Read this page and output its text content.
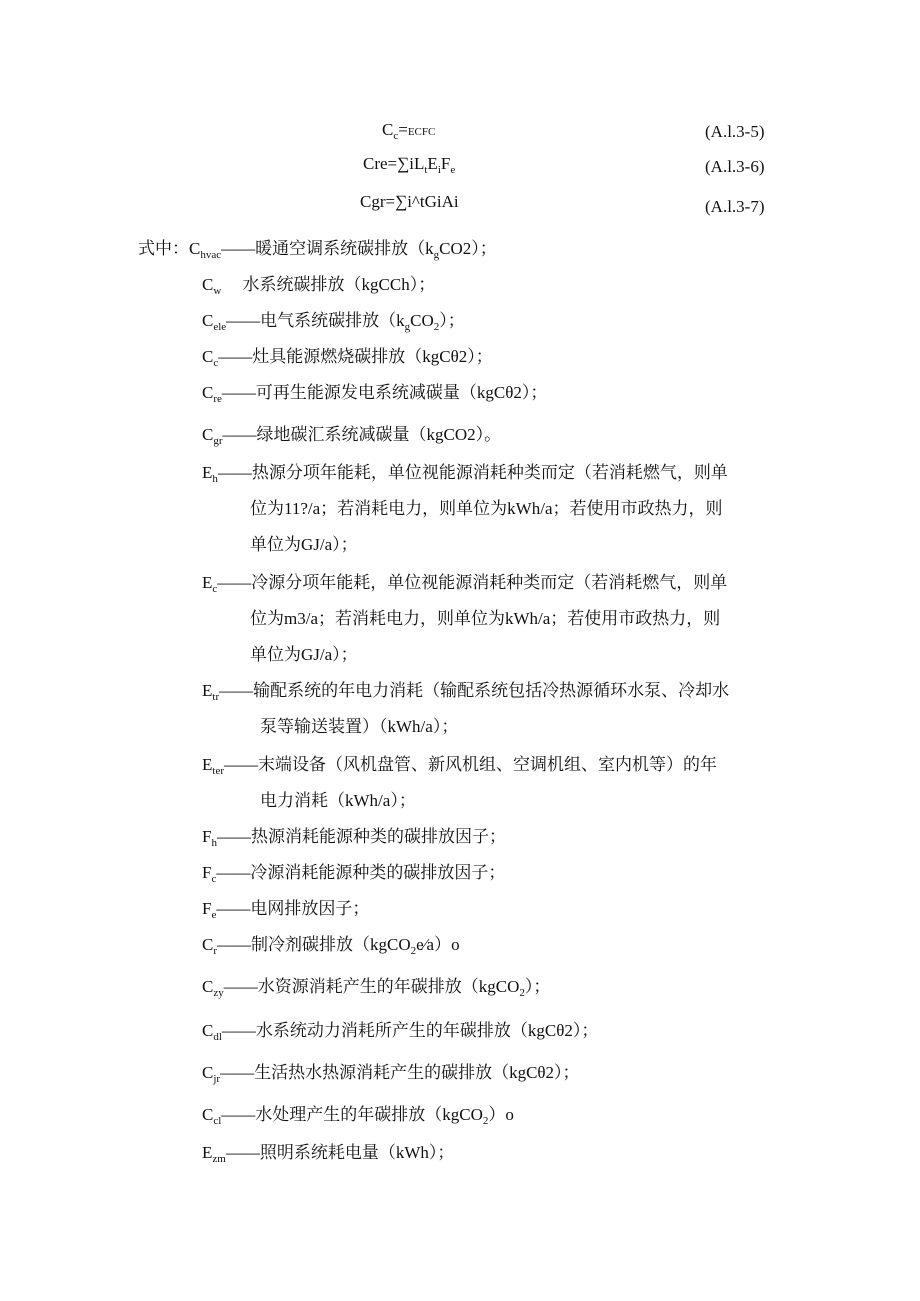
$C_c=ECFC$	(A.l.3-5)
$Cre=\sum iL_tE_iF_e$	(A.l.3-6)
Cgr=∑i^tGiAi	(A.l.3-7)
式中：$C_{hvac}——$暖通空调系统碳排放$(k_gCO2)$；
$C_w$     水系统碳排放（kgCCh）；
$C_{ele}——$电气系统碳排放$(k_gCO_2)$；
$C_c——$灶具能源燃烧碳排放（kgCθ2）；
$C_{re}——$可再生能源发电系统减碳量（kgCθ2）；
$C_{gr}——$绿地碳汇系统减碳量（kgCO2）。
$E_h——$热源分项年能耗，单位视能源消耗种类而定（若消耗燃气，则单
位为11?/a；若消耗电力，则单位为kWh/a；若使用市政热力，则
单位为GJ/a）；
$E_c——$冷源分项年能耗，单位视能源消耗种类而定（若消耗燃气，则单
位为m3/a；若消耗电力，则单位为kWh/a；若使用市政热力，则
单位为GJ/a）；
$E_{tr}——$输配系统的年电力消耗（输配系统包括冷热源循环水泵、冷却水
泵等输送装置）（kWh/a）；
$E_{ter}——$末端设备（风机盘管、新风机组、空调机组、室内机等）的年
电力消耗（kWh/a）；
$F_h——$热源消耗能源种类的碳排放因子；
$F_c——$冷源消耗能源种类的碳排放因子；
$F_e——$电网排放因子；
$C_r——$制冷剂碳排放（kgCO$_2$e⁄a）o
$C_{zy}——$水资源消耗产生的年碳排放（kgCO$_2$）；
$C_{dl}——$水系统动力消耗所产生的年碳排放（kgCθ2）；
$C_{jr}——$生活热水热源消耗产生的碳排放（kgCθ2）；
$C_{cl}——$水处理产生的年碳排放（kgCO$_2$）o
$E_{zm}——$照明系统耗电量（kWh）；
